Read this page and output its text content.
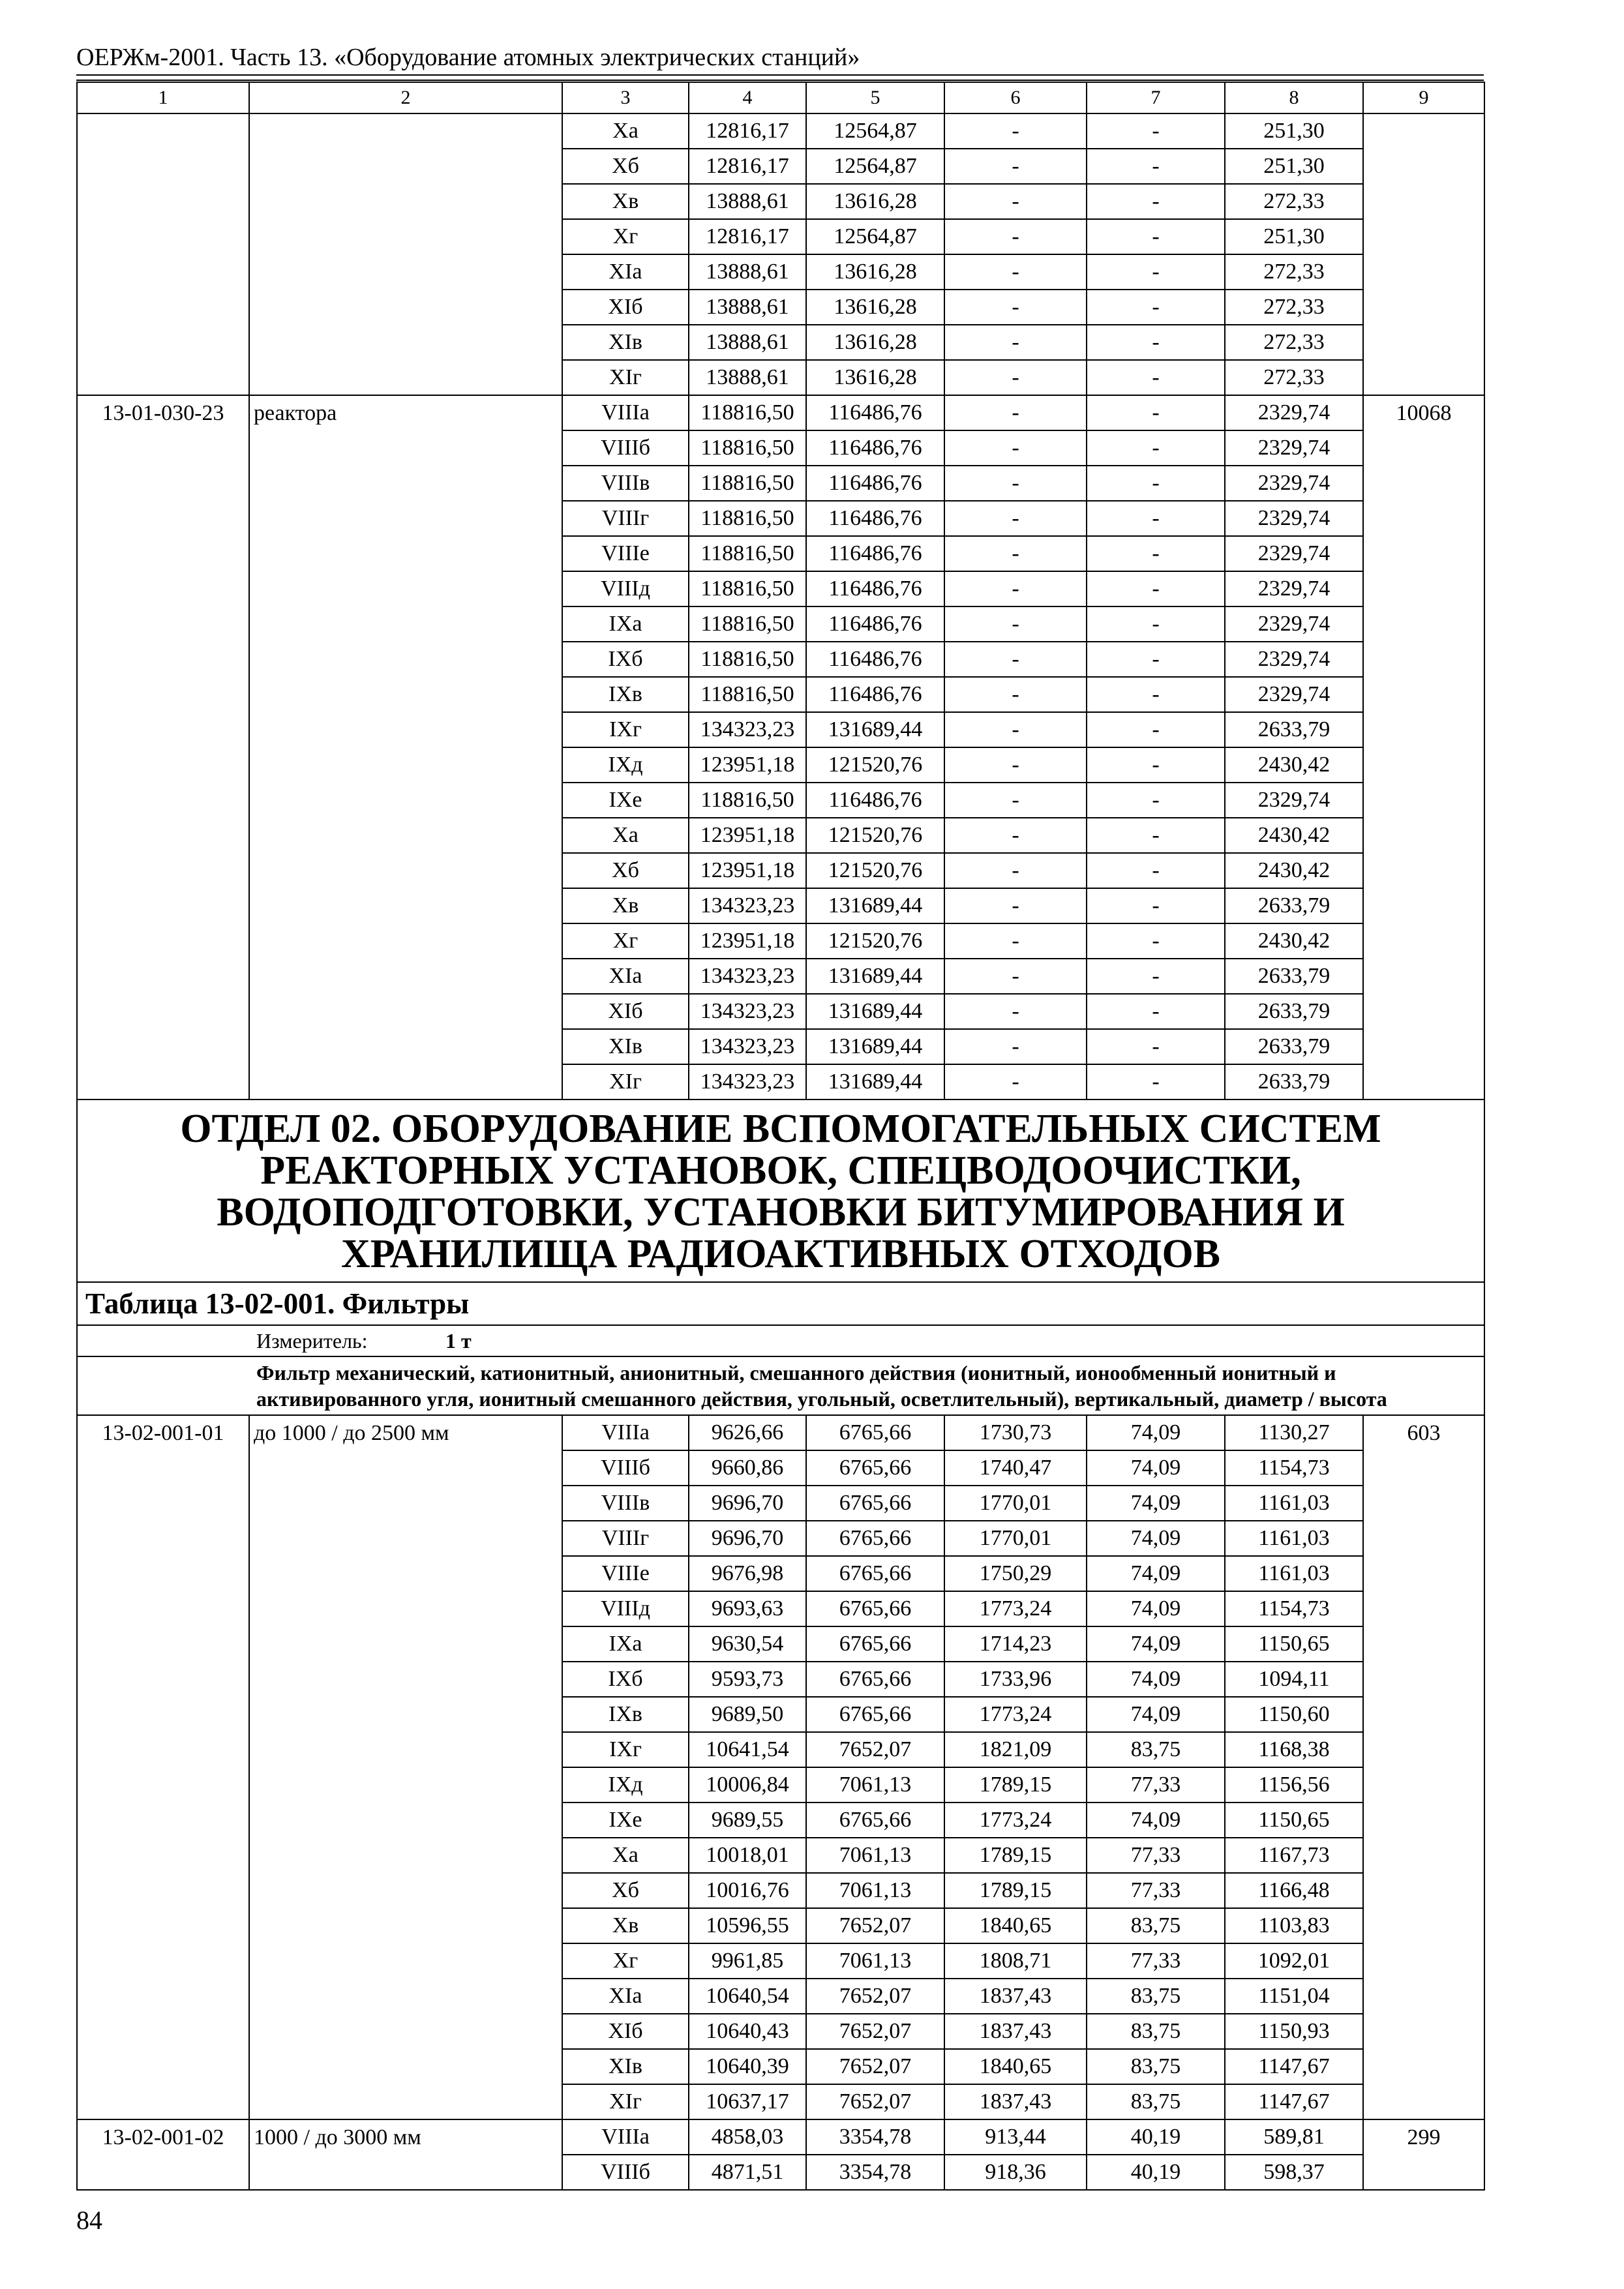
ОЕРЖм-2001. Часть 13. «Оборудование атомных электрических станций»
1	2	3	4	5	6	7	8	9
		Xa	12816,17	12564,87	-	-	251,30	
		Xб	12816,17	12564,87	-	-	251,30	
		Xв	13888,61	13616,28	-	-	272,33	
		Xг	12816,17	12564,87	-	-	251,30	
		XIa	13888,61	13616,28	-	-	272,33	
		XIб	13888,61	13616,28	-	-	272,33	
		XIв	13888,61	13616,28	-	-	272,33	
		XIг	13888,61	13616,28	-	-	272,33	
13-01-030-23	реактора	VIIIa	118816,50	116486,76	-	-	2329,74	10068
		VIIIб	118816,50	116486,76	-	-	2329,74	
		VIIIв	118816,50	116486,76	-	-	2329,74	
		VIIIг	118816,50	116486,76	-	-	2329,74	
		VIIIe	118816,50	116486,76	-	-	2329,74	
		VIIIд	118816,50	116486,76	-	-	2329,74	
		IXa	118816,50	116486,76	-	-	2329,74	
		IXб	118816,50	116486,76	-	-	2329,74	
		IXв	118816,50	116486,76	-	-	2329,74	
		IXг	134323,23	131689,44	-	-	2633,79	
		IXд	123951,18	121520,76	-	-	2430,42	
		IXe	118816,50	116486,76	-	-	2329,74	
		Xa	123951,18	121520,76	-	-	2430,42	
		Xб	123951,18	121520,76	-	-	2430,42	
		Xв	134323,23	131689,44	-	-	2633,79	
		Xг	123951,18	121520,76	-	-	2430,42	
		XIa	134323,23	131689,44	-	-	2633,79	
		XIб	134323,23	131689,44	-	-	2633,79	
		XIв	134323,23	131689,44	-	-	2633,79	
		XIг	134323,23	131689,44	-	-	2633,79	
ОТДЕЛ 02. ОБОРУДОВАНИЕ ВСПОМОГАТЕЛЬНЫХ СИСТЕМ РЕАКТОРНЫХ УСТАНОВОК, СПЕЦВОДООЧИСТКИ, ВОДОПОДГОТОВКИ, УСТАНОВКИ БИТУМИРОВАНИЯ И ХРАНИЛИЩА РАДИОАКТИВНЫХ ОТХОДОВ								
Таблица 13-02-001. Фильтры								
Измеритель: 1 т								
Фильтр механический, катионитный, анионитный, смешанного действия (ионитный, ионообменный ионитный и активированного угля, ионитный смешанного действия, угольный, осветлительный), вертикальный, диаметр / высота								
13-02-001-01	до 1000 / до 2500 мм	VIIIa	9626,66	6765,66	1730,73	74,09	1130,27	603
		VIIIб	9660,86	6765,66	1740,47	74,09	1154,73	
		VIIIв	9696,70	6765,66	1770,01	74,09	1161,03	
		VIIIг	9696,70	6765,66	1770,01	74,09	1161,03	
		VIIIe	9676,98	6765,66	1750,29	74,09	1161,03	
		VIIIд	9693,63	6765,66	1773,24	74,09	1154,73	
		IXa	9630,54	6765,66	1714,23	74,09	1150,65	
		IXб	9593,73	6765,66	1733,96	74,09	1094,11	
		IXв	9689,50	6765,66	1773,24	74,09	1150,60	
		IXг	10641,54	7652,07	1821,09	83,75	1168,38	
		IXд	10006,84	7061,13	1789,15	77,33	1156,56	
		IXe	9689,55	6765,66	1773,24	74,09	1150,65	
		Xa	10018,01	7061,13	1789,15	77,33	1167,73	
		Xб	10016,76	7061,13	1789,15	77,33	1166,48	
		Xв	10596,55	7652,07	1840,65	83,75	1103,83	
		Xг	9961,85	7061,13	1808,71	77,33	1092,01	
		XIa	10640,54	7652,07	1837,43	83,75	1151,04	
		XIб	10640,43	7652,07	1837,43	83,75	1150,93	
		XIв	10640,39	7652,07	1840,65	83,75	1147,67	
		XIг	10637,17	7652,07	1837,43	83,75	1147,67	
13-02-001-02	1000 / до 3000 мм	VIIIa	4858,03	3354,78	913,44	40,19	589,81	299
		VIIIб	4871,51	3354,78	918,36	40,19	598,37	
84
